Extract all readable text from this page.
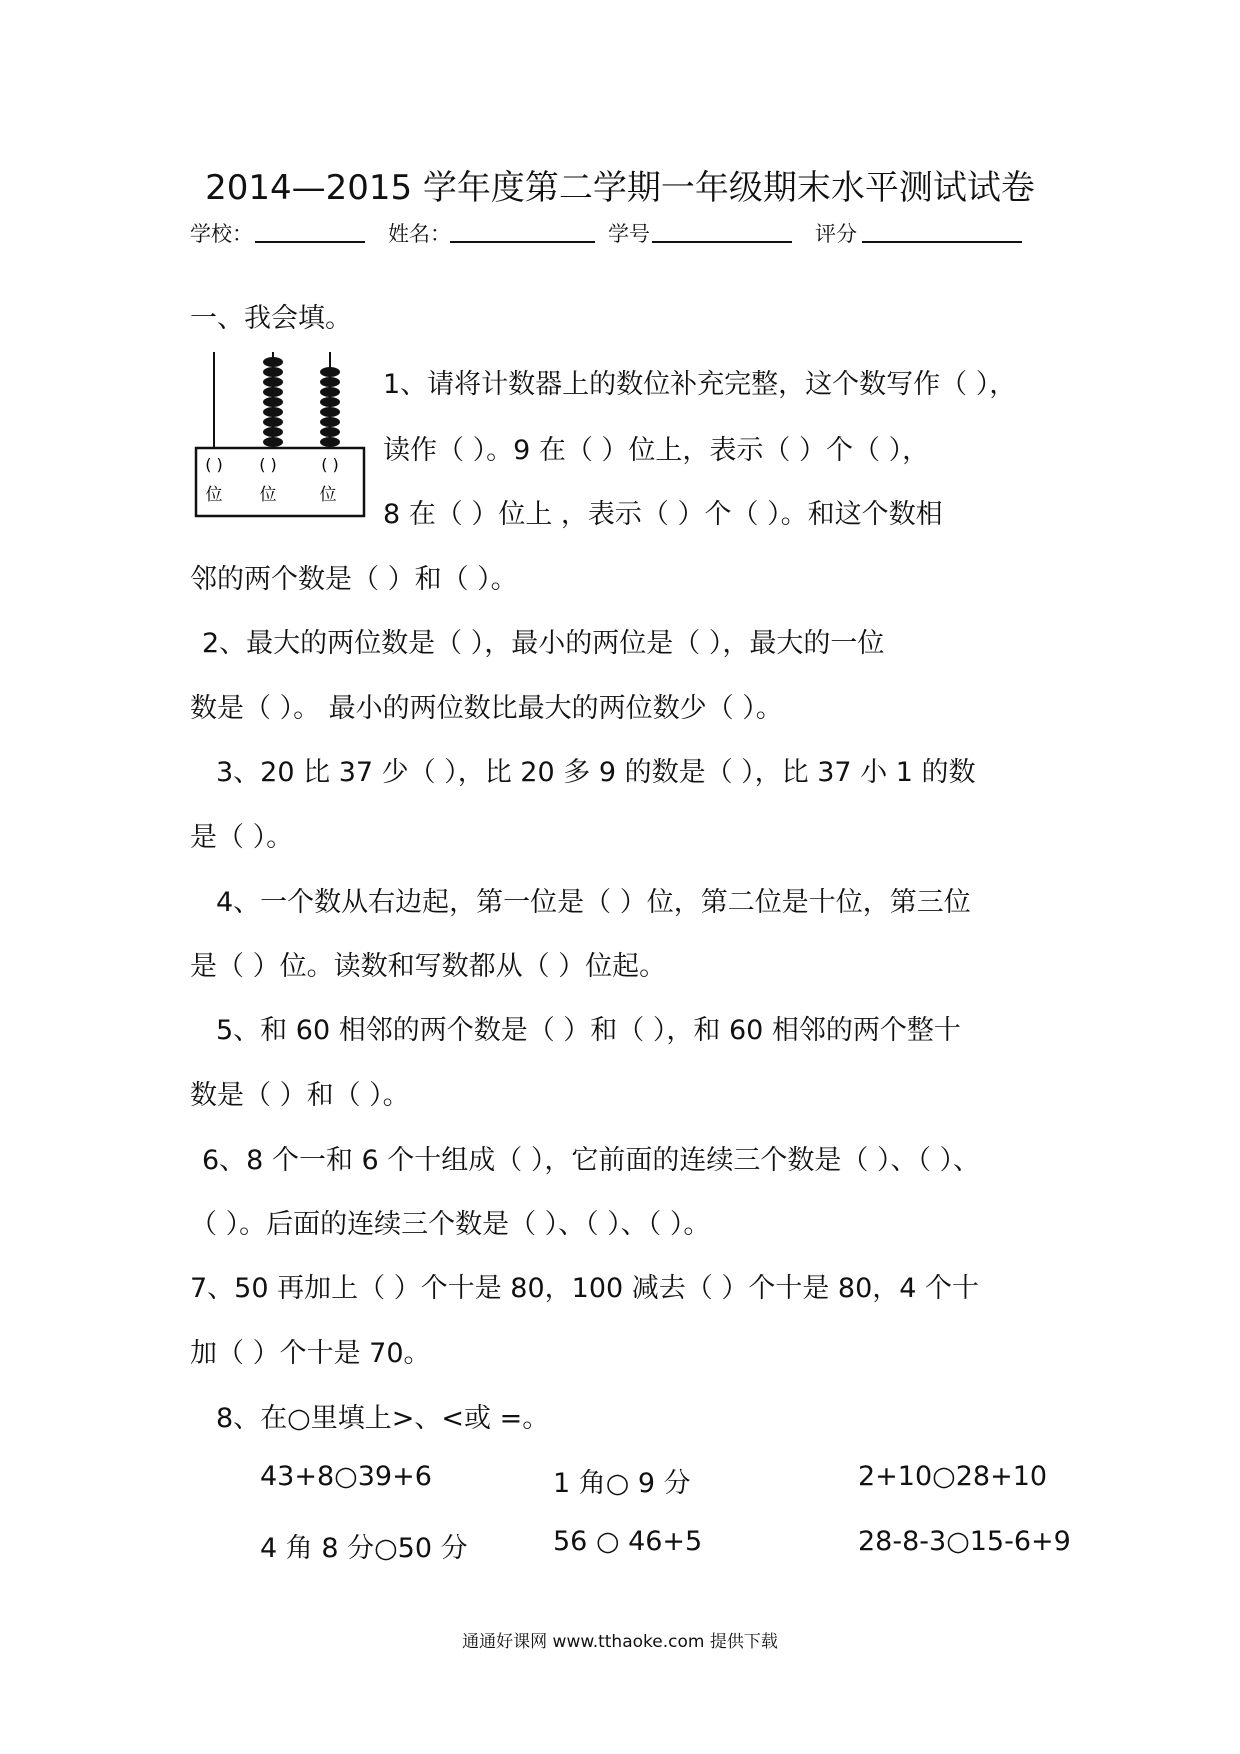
2014—2015 学年度第二学期一年级期末水平测试试卷
学校：	姓名：	学号	评分
一、我会填。
( ) ( )	( )
位 位	位
1、请将计数器上的数位补充完整，这个数写作（ ），
读作（ ）。9 在（ ）位上，表示（ ）个（ ），
8 在（ ）位上 ，表示（ ）个（ ）。和这个数相
邻的两个数是（ ）和（ ）。
2、最大的两位数是（ ），最小的两位是（ ），最大的一位
数是（ ）。 最小的两位数比最大的两位数少（ ）。
3、20 比 37 少（ ），比 20 多 9 的数是（ ），比 37 小 1 的数
是（ ）。
4、一个数从右边起，第一位是（ ）位，第二位是十位，第三位
是（ ）位。读数和写数都从（ ）位起。
5、和 60 相邻的两个数是（ ）和（ ），和 60 相邻的两个整十
数是（ ）和（ ）。
6、8 个一和 6 个十组成（ ），它前面的连续三个数是（ ）、（ ）、
（ ）。后面的连续三个数是（ ）、（ ）、（ ）。
7、50 再加上（ ）个十是 80，100 减去（ ）个十是 80，4 个十
加（ ）个十是 70。
8、在○里填上>、<或 =。
43+8○39+6	1 角○ 9 分	2+10○28+10
4 角 8 分○50 分	56 ○ 46+5	28-8-3○15-6+9
通通好课网 www.tthaoke.com 提供下载
